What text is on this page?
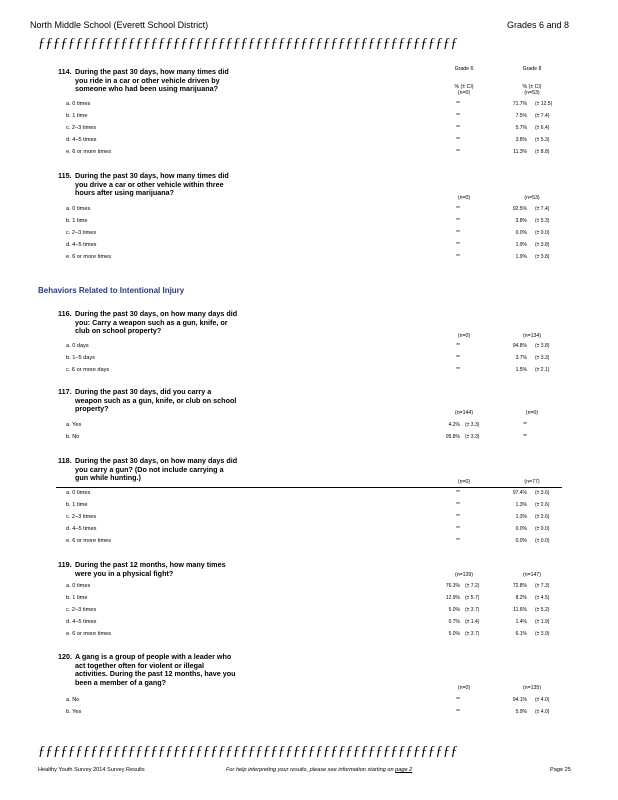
North Middle School (Everett School District)	Grades 6 and 8
ƒƒƒƒƒƒƒƒƒƒƒƒƒƒƒƒƒƒƒƒƒƒƒƒƒƒƒƒƒƒƒƒƒƒƒƒƒƒƒƒƒƒƒƒƒƒƒƒƒƒƒƒƒƒƒƒ
Grade 6	Grade 8
% (± CI)	% (± CI)
Behaviors Related to Intentional Injury
114. During the past 30 days, how many times did
you ride in a car or other vehicle driven by
someone who had been using marijuana?	(n=0)	(n=53)
a. 0 times	**	71.7% (± 12.5)
b. 1 time	**	7.5% (± 7.4)
c. 2–3 times	**	5.7% (± 6.4)
d. 4–5 times	**	3.8% (± 5.3)
e. 6 or more times	**	11.3% (± 8.8)
115. During the past 30 days, how many times did
you drive a car or other vehicle within three
hours after using marijuana?
(n=0)	(n=53)
a. 0 times	**	92.5% (± 7.4)
b. 1 time	**	3.8% (± 5.3)
c. 2–3 times	**	0.0% (± 0.0)
d. 4–5 times	**	1.9% (± 3.8)
e. 6 or more times	**	1.9% (± 3.8)
116. During the past 30 days, on how many days did
you: Carry a weapon such as a gun, knife, or
club on school property?
(n=0)	(n=134)
a. 0 days	**	94.8% (± 3.8)
b. 1–5 days	**	3.7% (± 3.3)
c. 6 or more days	**	1.5% (± 2.1)
117. During the past 30 days, did you carry a
weapon such as a gun, knife, or club on school
property?	(n=144)	(n=0)
a. Yes	4.2% (± 3.3)	**
b. No	95.8% (± 3.3)	**
118. During the past 30 days, on how many days did
you carry a gun? (Do not include carrying a
gun while hunting.)	(n=0)	(n=77)
a. 0 times	**	97.4% (± 3.6)
b. 1 time	**	1.3% (± 2.6)
c. 2–3 times	**	1.3% (± 2.6)
d. 4–5 times	**	0.0% (± 0.0)
e. 6 or more times	**	0.0% (± 0.0)
119. During the past 12 months, how many times
were you in a physical fight?	(n=139)	(n=147)
a. 0 times	76.3% (± 7.2)	72.8% (± 7.3)
b. 1 time	12.9% (± 5.7)	8.2% (± 4.5)
c. 2–3 times	5.0% (± 3.7)	11.6% (± 5.2)
d. 4–5 times	0.7% (± 1.4)	1.4% (± 1.9)
e. 6 or more times	5.0% (± 3.7)	6.1% (± 3.9)
120. A gang is a group of people with a leader who
act together often for violent or illegal
activities. During the past 12 months, have you
been a member of a gang?
(n=0)	(n=135)
a. No	**	94.1% (± 4.0)
b. Yes	**	5.9% (± 4.0)
ƒƒƒƒƒƒƒƒƒƒƒƒƒƒƒƒƒƒƒƒƒƒƒƒƒƒƒƒƒƒƒƒƒƒƒƒƒƒƒƒƒƒƒƒƒƒƒƒƒƒƒƒƒƒƒƒ
Healthy Youth Survey 2014 Survey Results	For help interpreting your results, please see information starting on page 2	Page 25
